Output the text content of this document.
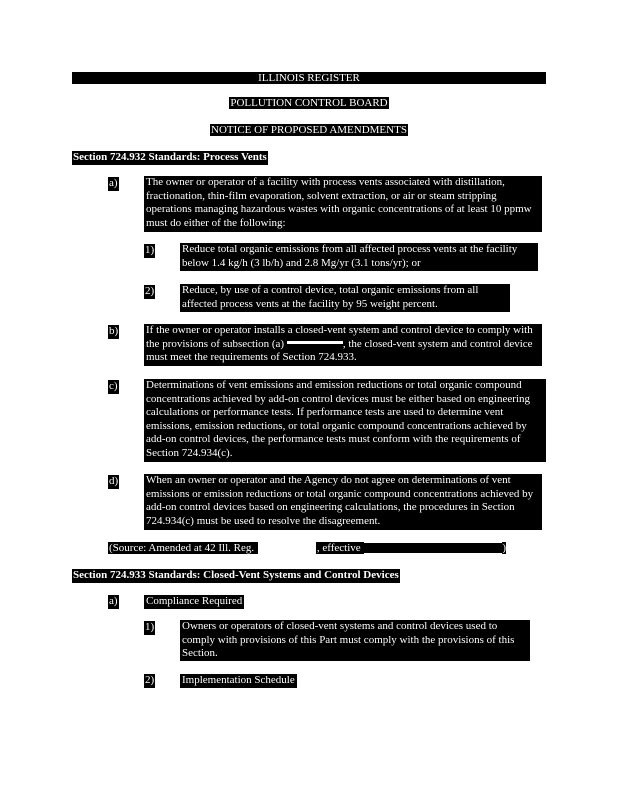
ILLINOIS REGISTER
POLLUTION CONTROL BOARD
NOTICE OF PROPOSED AMENDMENTS
Section 724.932 Standards: Process Vents
a)	The owner or operator of a facility with process vents associated with distillation, fractionation, thin-film evaporation, solvent extraction, or air or steam stripping operations managing hazardous wastes with organic concentrations of at least 10 ppmw must do either of the following:
1)	Reduce total organic emissions from all affected process vents at the facility below 1.4 kg/h (3 lb/h) and 2.8 Mg/yr (3.1 tons/yr); or
2)	Reduce, by use of a control device, total organic emissions from all affected process vents at the facility by 95 weight percent.
b)	If the owner or operator installs a closed-vent system and control device to comply with the provisions of subsection (a)	, the closed-vent system and control device must meet the requirements of Section 724.933.
c)	Determinations of vent emissions and emission reductions or total organic compound concentrations achieved by add-on control devices must be either based on engineering calculations or performance tests. If performance tests are used to determine vent emissions, emission reductions, or total organic compound concentrations achieved by add-on control devices, the performance tests must conform with the requirements of Section 724.934(c).
d)	When an owner or operator and the Agency do not agree on determinations of vent emissions or emission reductions or total organic compound concentrations achieved by add-on control devices based on engineering calculations, the procedures in Section 724.934(c) must be used to resolve the disagreement.
(Source: Amended at 42 Ill. Reg.	, effective	)
Section 724.933 Standards: Closed-Vent Systems and Control Devices
a)	Compliance Required
1)	Owners or operators of closed-vent systems and control devices used to comply with provisions of this Part must comply with the provisions of this Section.
2)	Implementation Schedule
